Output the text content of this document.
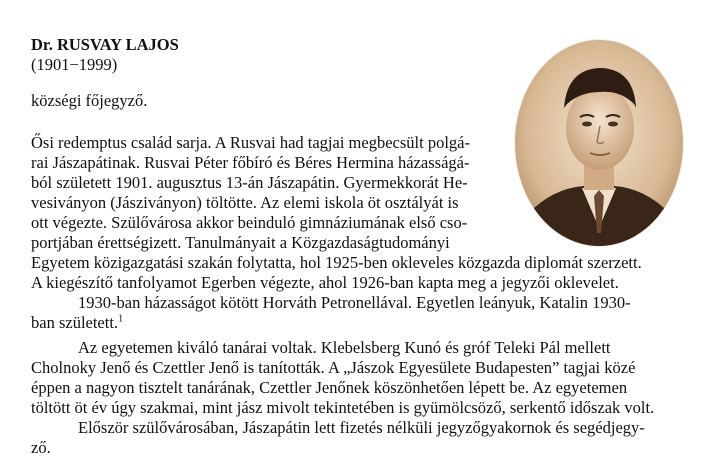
Dr. RUSVAY LAJOS
(1901−1999)
községi főjegyző.
Ősi redemptus család sarja. A Rusvai had tagjai megbecsült polgá-
rai Jászapátinak. Rusvai Péter főbíró és Béres Hermina házasságá-
ból született 1901. augusztus 13-án Jászapátin. Gyermekkorát He-
vesiványon (Jásziványon) töltötte. Az elemi iskola öt osztályát is
ott végezte. Szülővárosa akkor beinduló gimnáziumának első cso-
portjában érettségizett. Tanulmányait a Közgazdaságtudományi
Egyetem közigazgatási szakán folytatta, hol 1925-ben okleveles közgazda diplomát szerzett.
A kiegészítő tanfolyamot Egerben végezte, ahol 1926-ban kapta meg a jegyzői oklevelet.
1930-ban házasságot kötött Horváth Petronellával. Egyetlen leányuk, Katalin 1930-
ban született.$^1$
Az egyetemen kiváló tanárai voltak. Klebelsberg Kunó és gróf Teleki Pál mellett
Cholnoky Jenő és Czettler Jenő is tanították. A „Jászok Egyesülete Budapesten” tagjai közé
éppen a nagyon tisztelt tanárának, Czettler Jenőnek köszönhetően lépett be. Az egyetemen
töltött öt év úgy szakmai, mint jász mivolt tekintetében is gyümölcsöző, serkentő időszak volt.
Először szülővárosában, Jászapátin lett fizetés nélküli jegyzőgyakornok és segédjegy-
ző.
